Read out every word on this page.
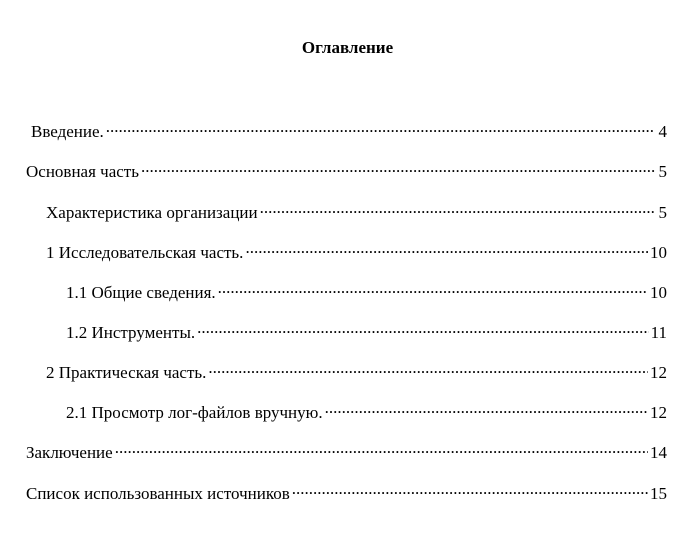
Оглавление
Введение. .....	4
Основная часть .....	5
Характеристика организации .....	5
1 Исследовательская часть. .....	10
1.1 Общие сведения. .....	10
1.2 Инструменты. .....	11
2 Практическая часть. .....	12
2.1 Просмотр лог-файлов вручную. .....	12
Заключение .....	14
Список использованных источников .....	15
